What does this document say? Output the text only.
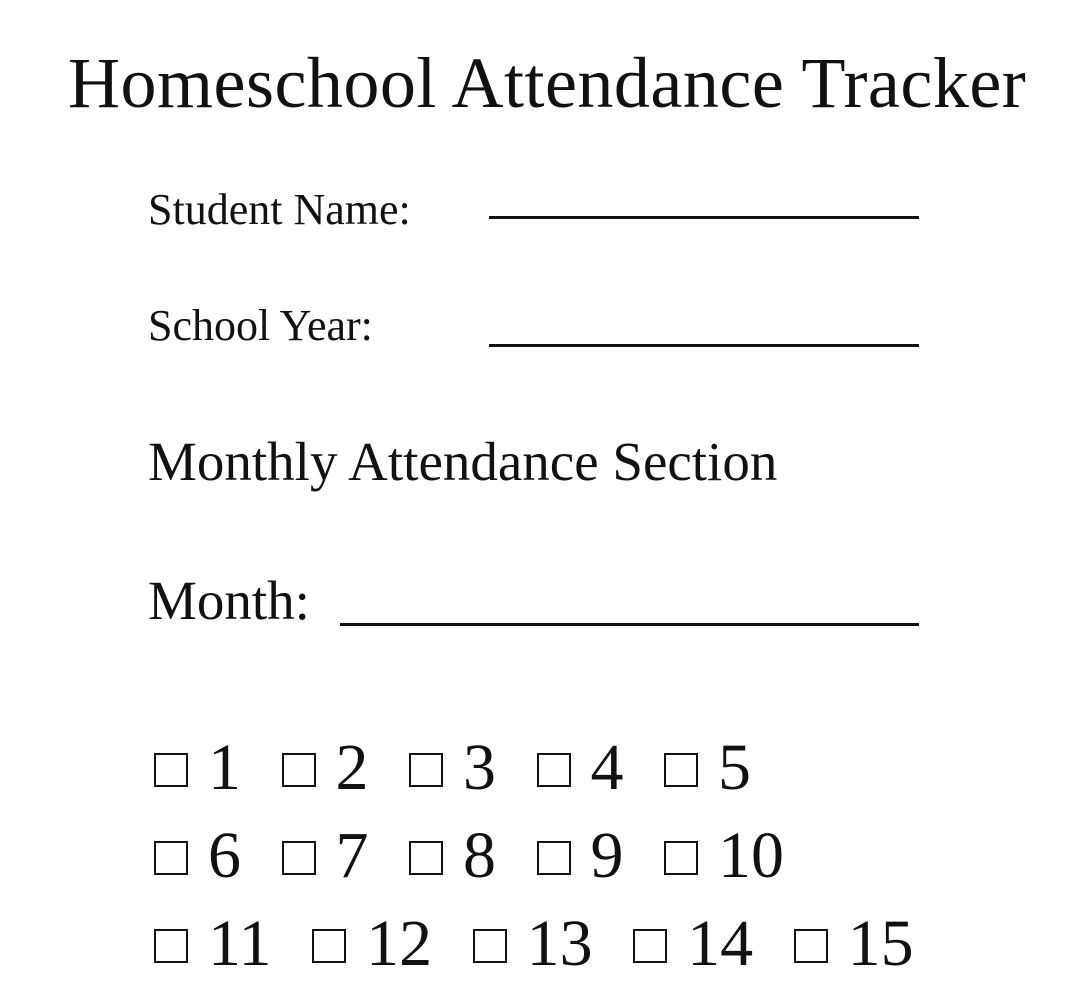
Homeschool Attendance Tracker
Student Name:
School Year:
Monthly Attendance Section
Month:
1 2 3 4 5
6 7 8 9 10
11 12 13 14 15
